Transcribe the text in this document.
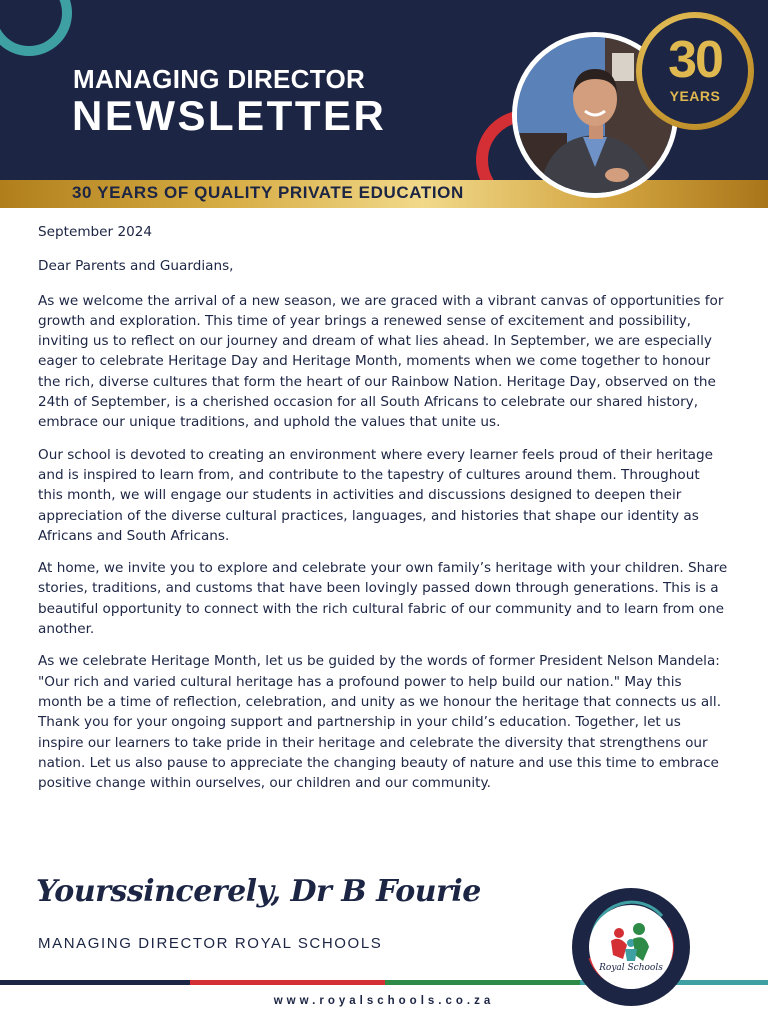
MANAGING DIRECTOR
NEWSLETTER
30 YEARS OF QUALITY PRIVATE EDUCATION
30
YEARS

September 2024

Dear Parents and Guardians,

As we welcome the arrival of a new season, we are graced with a vibrant canvas of opportunities for growth and exploration. This time of year brings a renewed sense of excitement and possibility, inviting us to reflect on our journey and dream of what lies ahead. In September, we are especially eager to celebrate Heritage Day and Heritage Month, moments when we come together to honour the rich, diverse cultures that form the heart of our Rainbow Nation. Heritage Day, observed on the 24th of September, is a cherished occasion for all South Africans to celebrate our shared history, embrace our unique traditions, and uphold the values that unite us.

Our school is devoted to creating an environment where every learner feels proud of their heritage and is inspired to learn from, and contribute to the tapestry of cultures around them. Throughout this month, we will engage our students in activities and discussions designed to deepen their appreciation of the diverse cultural practices, languages, and histories that shape our identity as Africans and South Africans.

At home, we invite you to explore and celebrate your own family’s heritage with your children. Share stories, traditions, and customs that have been lovingly passed down through generations. This is a beautiful opportunity to connect with the rich cultural fabric of our community and to learn from one another.

As we celebrate Heritage Month, let us be guided by the words of former President Nelson Mandela: "Our rich and varied cultural heritage has a profound power to help build our nation." May this month be a time of reflection, celebration, and unity as we honour the heritage that connects us all. Thank you for your ongoing support and partnership in your child’s education. Together, let us inspire our learners to take pride in their heritage and celebrate the diversity that strengthens our nation. Let us also pause to appreciate the changing beauty of nature and use this time to embrace positive change within ourselves, our children and our community.

Yourssincerely, Dr B Fourie
MANAGING DIRECTOR ROYAL SCHOOLS
www.royalschools.co.za
Royal Schools
